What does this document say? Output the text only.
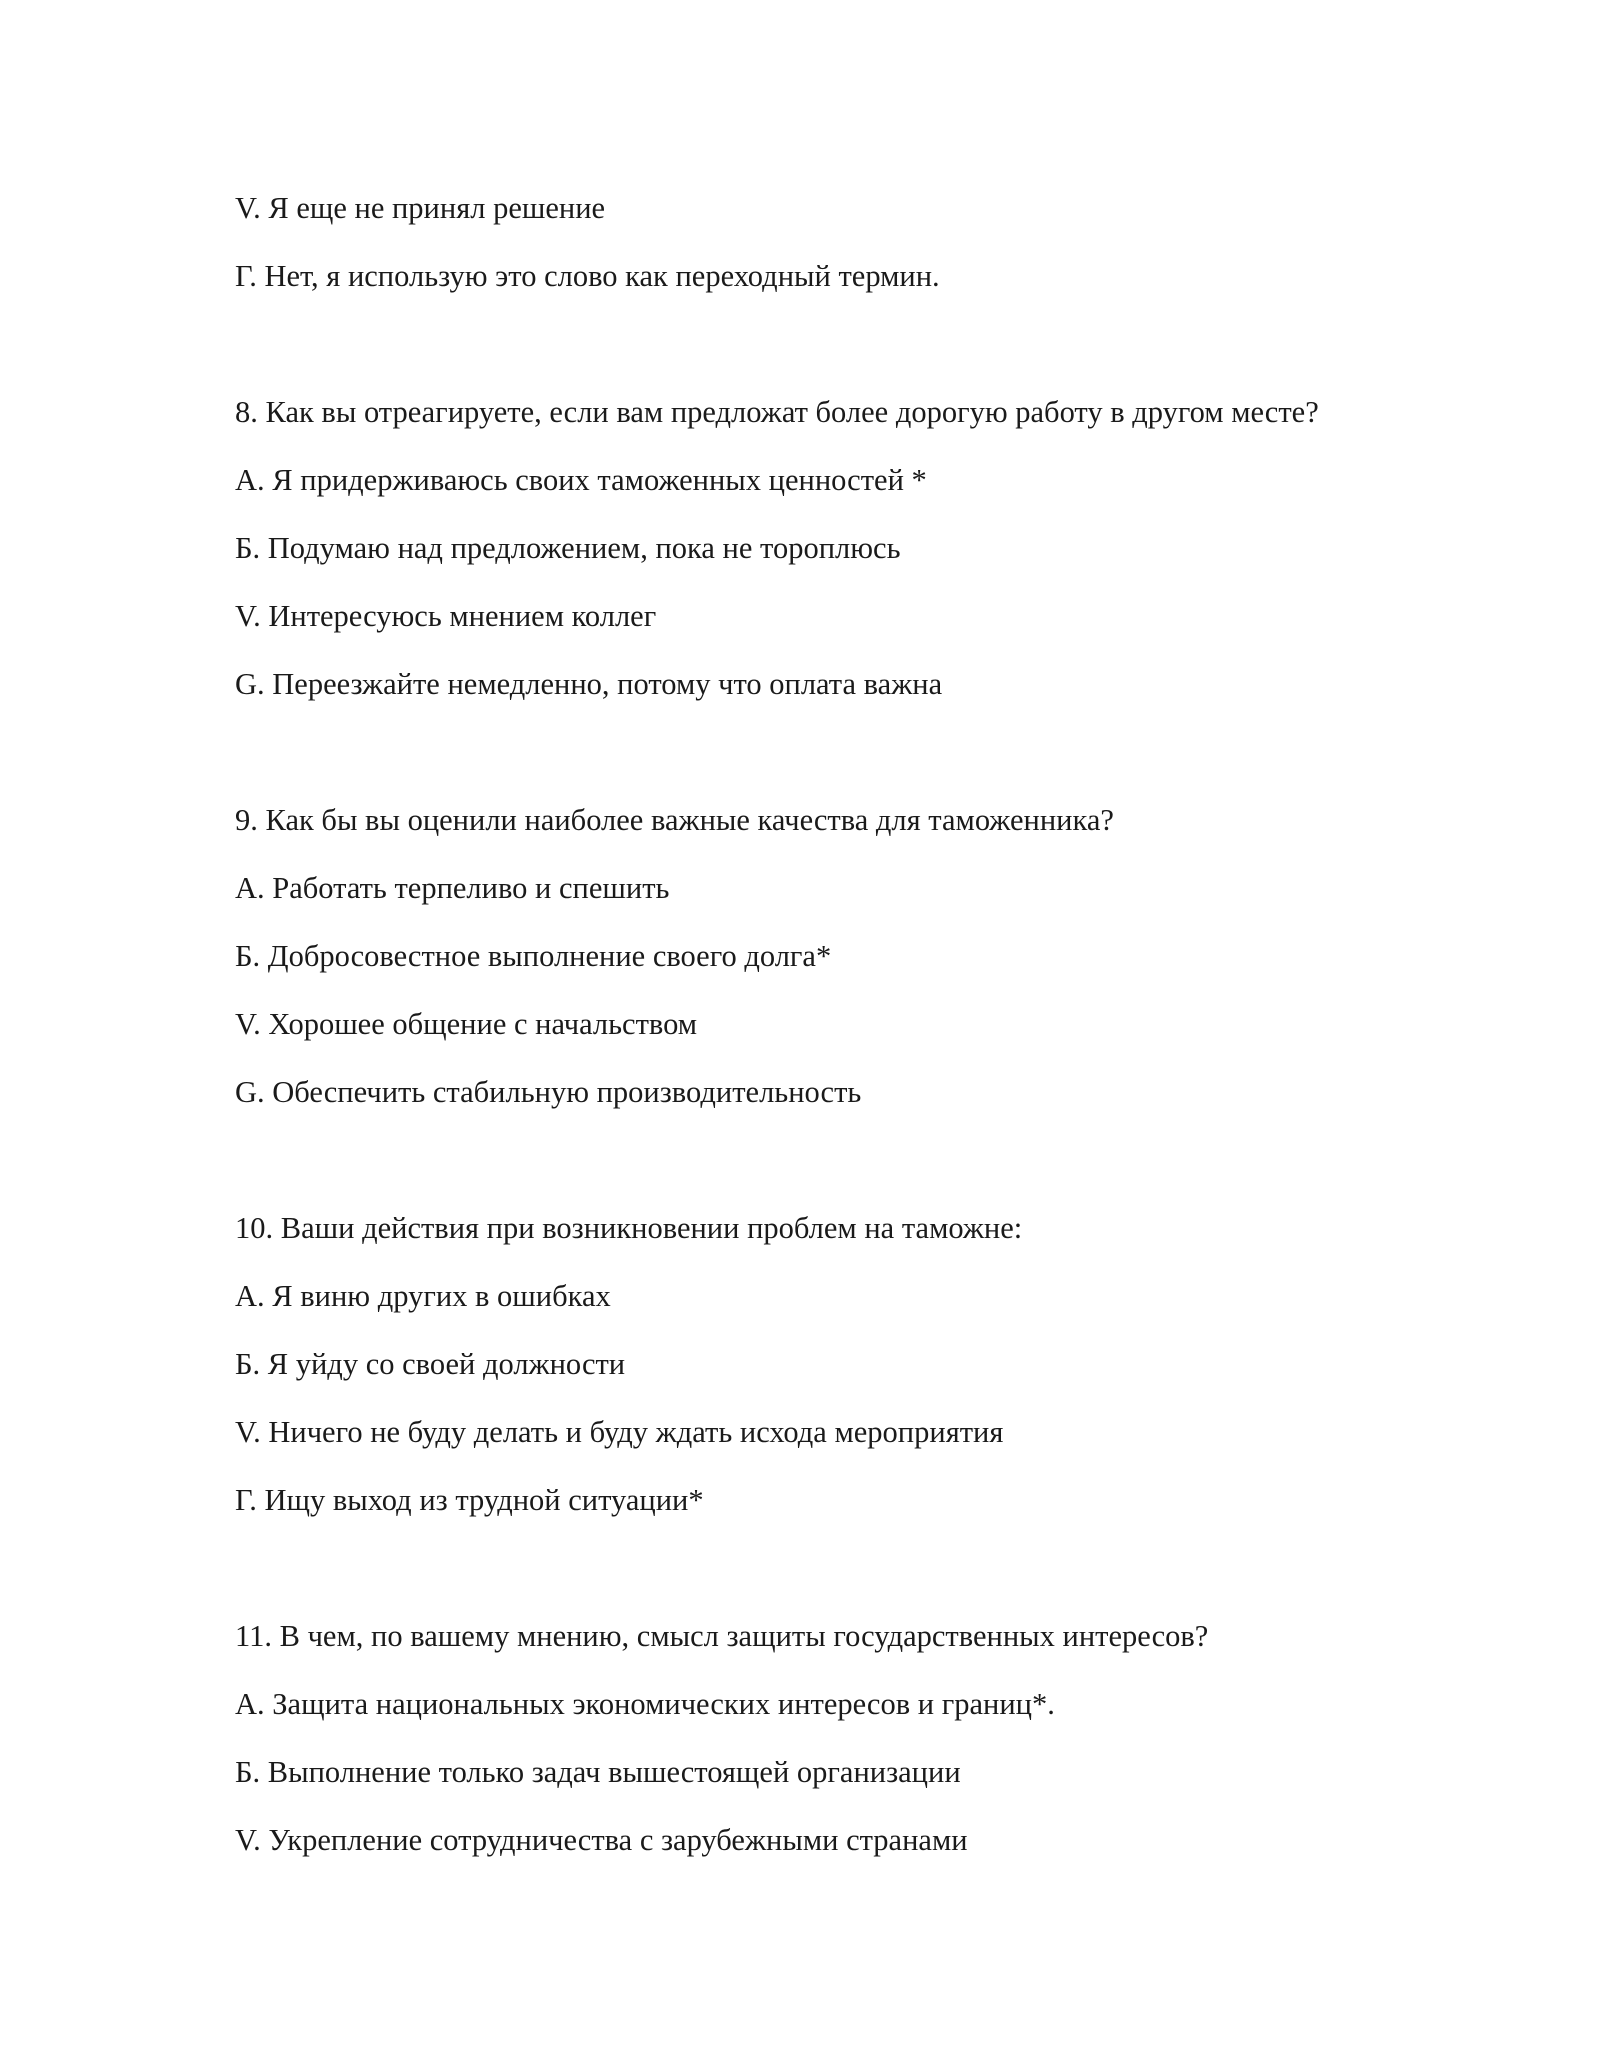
V. Я еще не принял решение
Г. Нет, я использую это слово как переходный термин.
8. Как вы отреагируете, если вам предложат более дорогую работу в другом месте?
А. Я придерживаюсь своих таможенных ценностей *
Б. Подумаю над предложением, пока не тороплюсь
V. Интересуюсь мнением коллег
G. Переезжайте немедленно, потому что оплата важна
9. Как бы вы оценили наиболее важные качества для таможенника?
А. Работать терпеливо и спешить
Б. Добросовестное выполнение своего долга*
V. Хорошее общение с начальством
G. Обеспечить стабильную производительность
10. Ваши действия при возникновении проблем на таможне:
А. Я виню других в ошибках
Б. Я уйду со своей должности
V. Ничего не буду делать и буду ждать исхода мероприятия
Г. Ищу выход из трудной ситуации*
11. В чем, по вашему мнению, смысл защиты государственных интересов?
А. Защита национальных экономических интересов и границ*.
Б. Выполнение только задач вышестоящей организации
V. Укрепление сотрудничества с зарубежными странами
